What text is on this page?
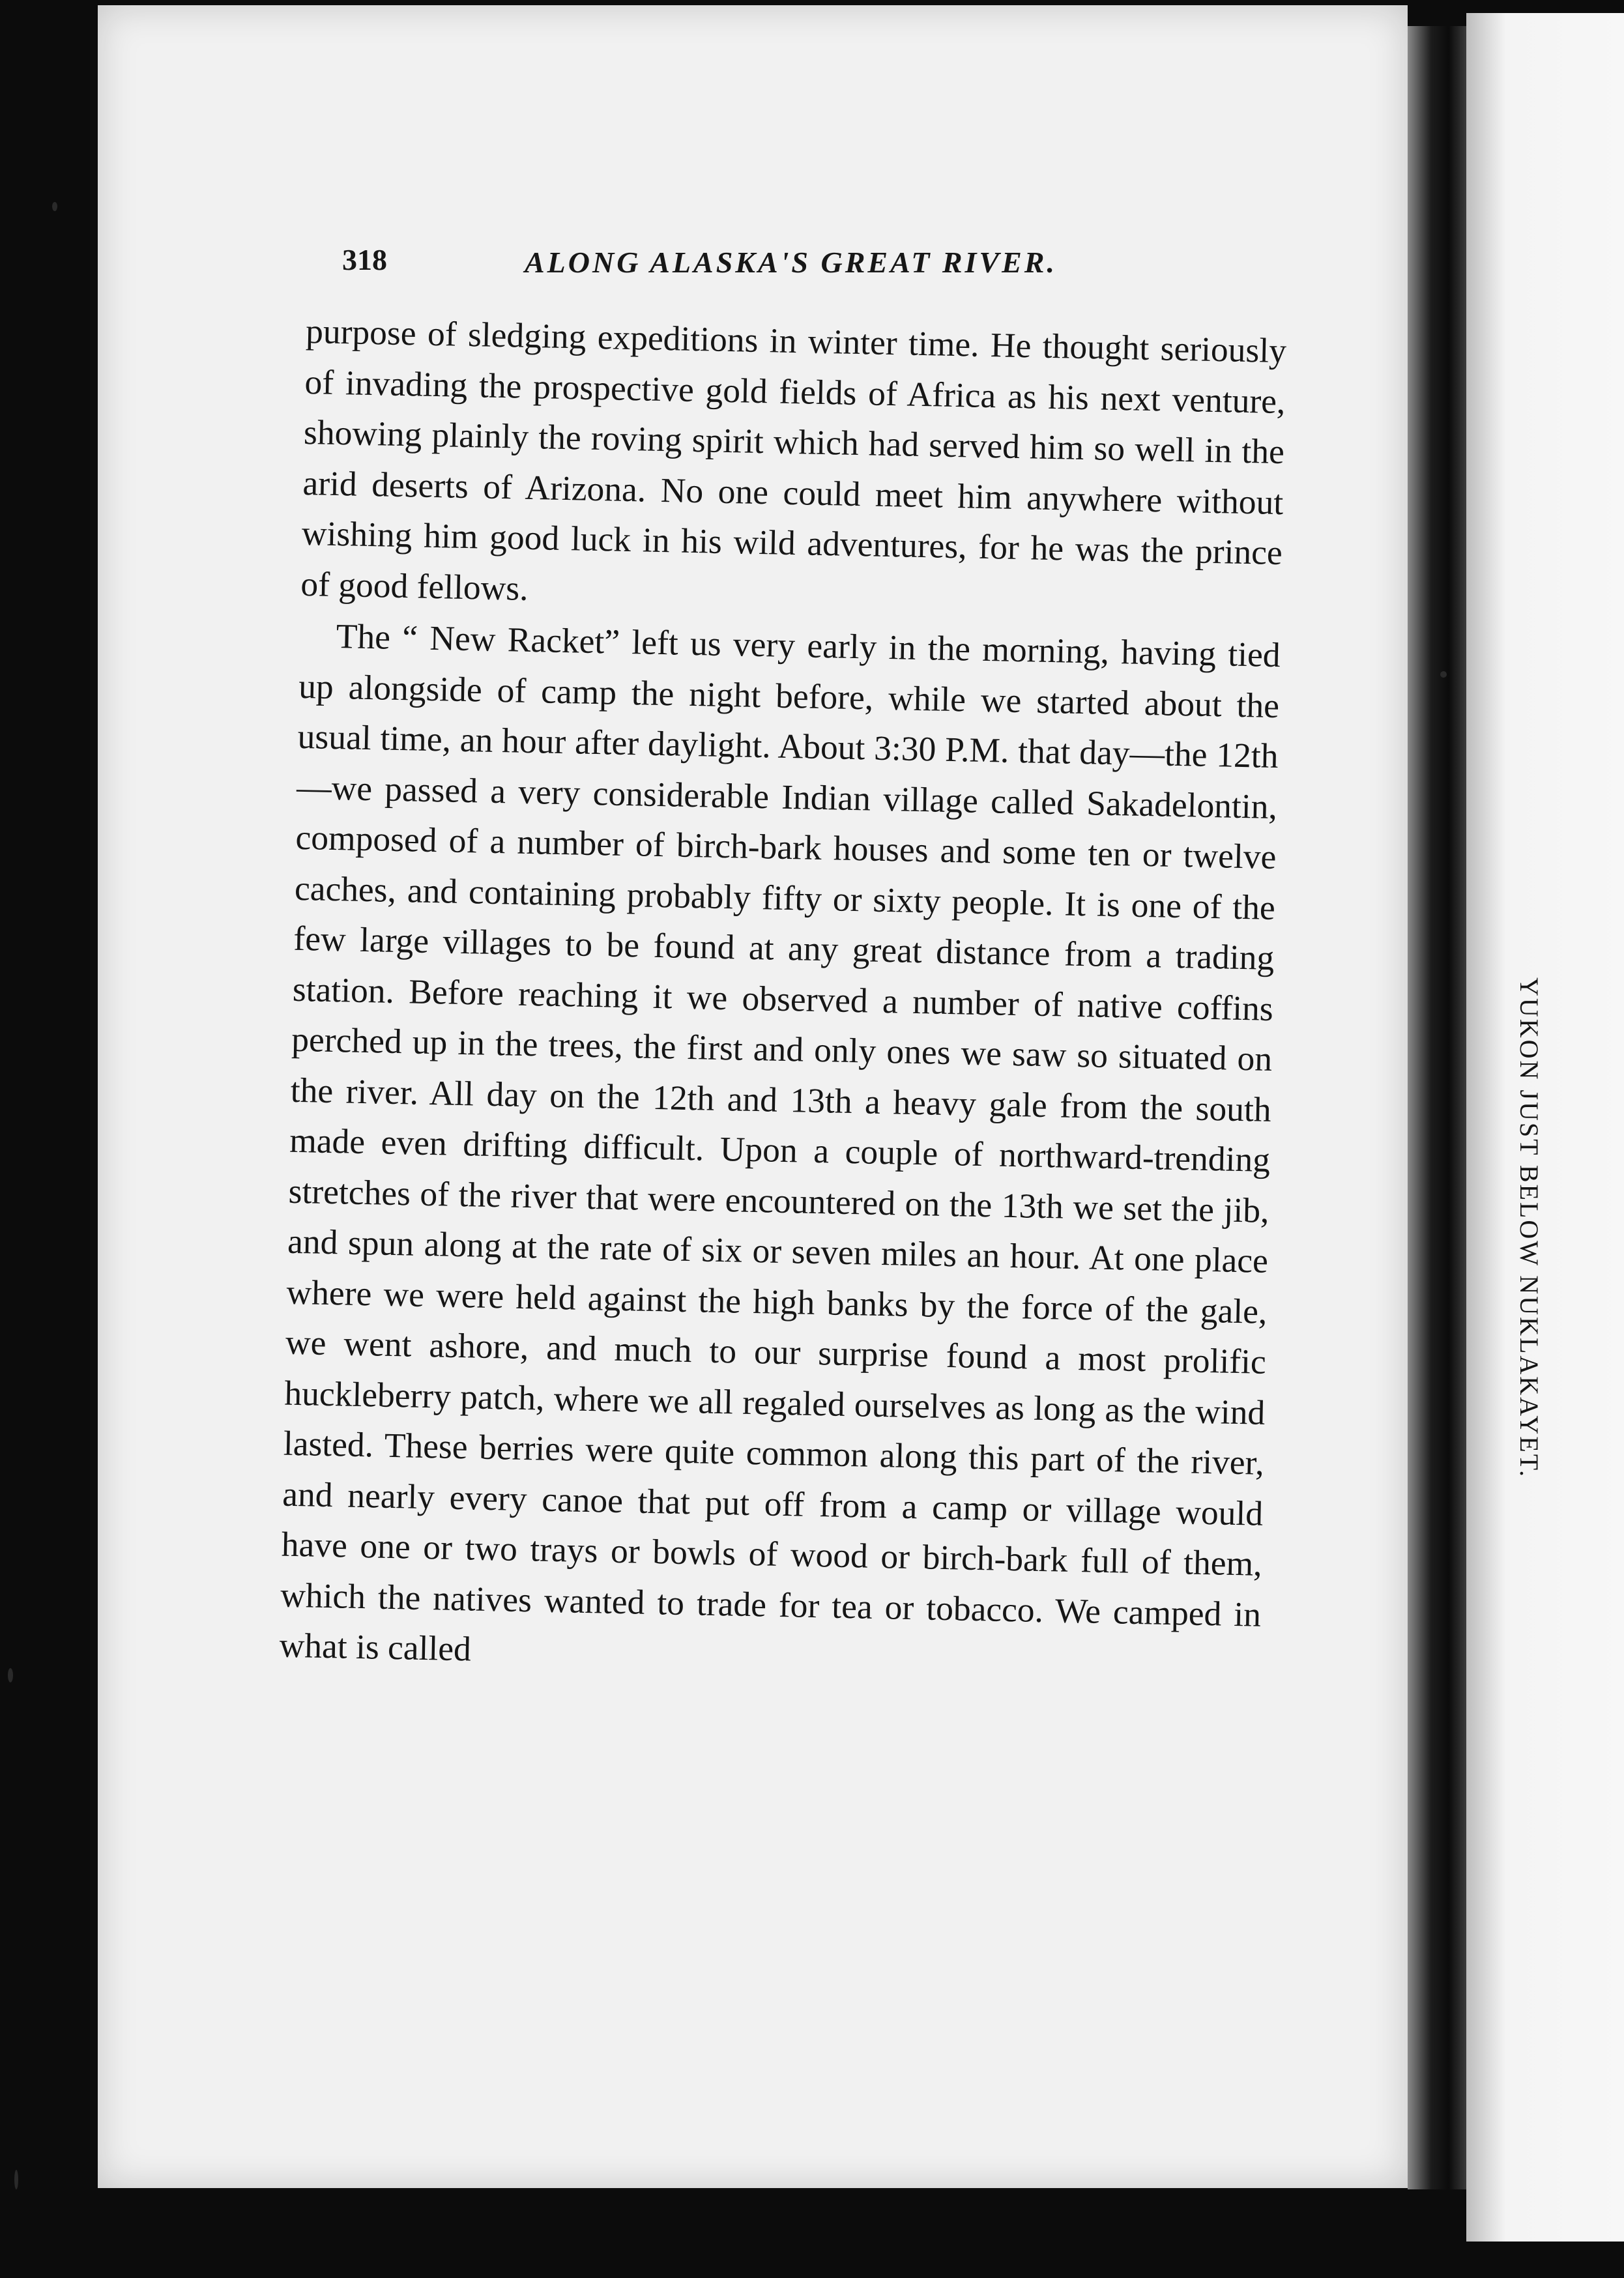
YUKON JUST BELOW NUKLAKAYET.
318	ALONG ALASKA'S GREAT RIVER.

purpose of sledging expeditions in winter time. He thought seriously of invading the prospective gold fields of Africa as his next venture, showing plainly the roving spirit which had served him so well in the arid deserts of Arizona. No one could meet him anywhere without wishing him good luck in his wild adventures, for he was the prince of good fellows.

The “ New Racket” left us very early in the morning, having tied up alongside of camp the night before, while we started about the usual time, an hour after daylight. About 3:30 P.M. that day—the 12th—we passed a very considerable Indian village called Sakadelontin, composed of a number of birch-bark houses and some ten or twelve caches, and containing probably fifty or sixty people. It is one of the few large villages to be found at any great distance from a trading station. Before reaching it we observed a number of native coffins perched up in the trees, the first and only ones we saw so situated on the river. All day on the 12th and 13th a heavy gale from the south made even drifting difficult. Upon a couple of northward-trending stretches of the river that were encountered on the 13th we set the jib, and spun along at the rate of six or seven miles an hour. At one place where we were held against the high banks by the force of the gale, we went ashore, and much to our surprise found a most prolific huckleberry patch, where we all regaled ourselves as long as the wind lasted. These berries were quite common along this part of the river, and nearly every canoe that put off from a camp or village would have one or two trays or bowls of wood or birch-bark full of them, which the natives wanted to trade for tea or tobacco. We camped in what is called
